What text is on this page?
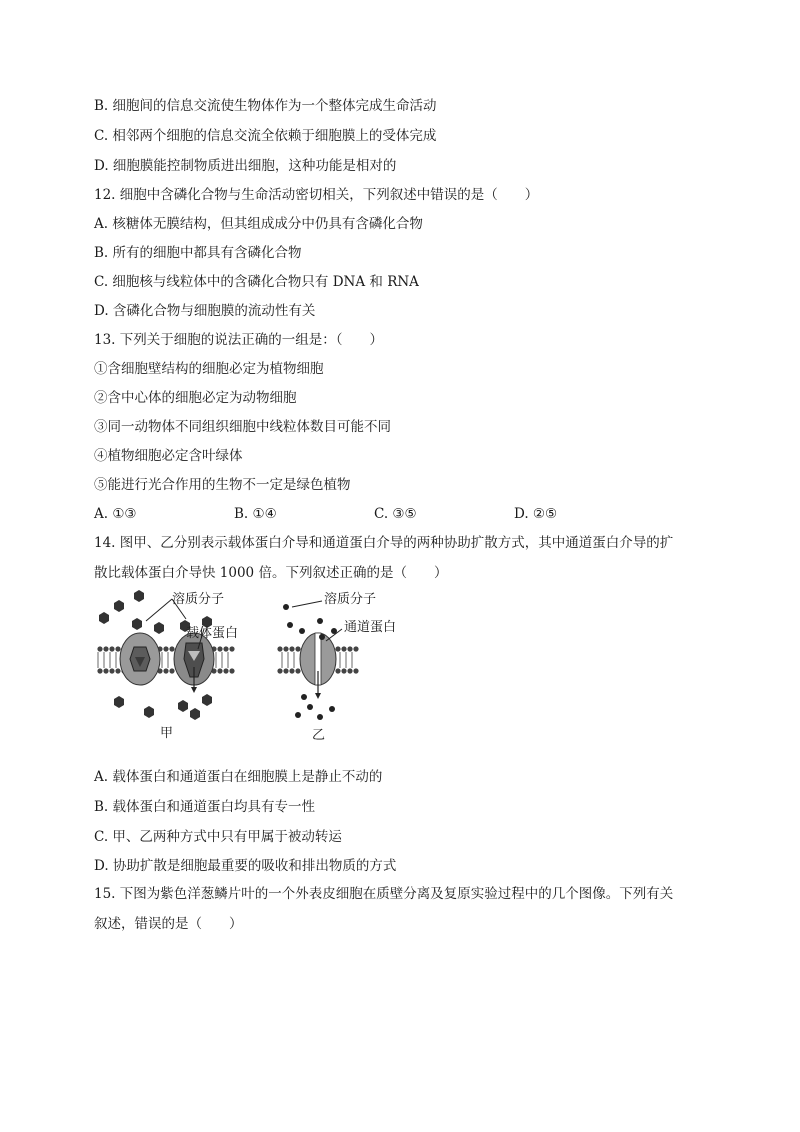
B. 细胞间的信息交流使生物体作为一个整体完成生命活动
C. 相邻两个细胞的信息交流全依赖于细胞膜上的受体完成
D. 细胞膜能控制物质进出细胞，这种功能是相对的
12. 细胞中含磷化合物与生命活动密切相关，下列叙述中错误的是（　　）
A. 核糖体无膜结构，但其组成成分中仍具有含磷化合物
B. 所有的细胞中都具有含磷化合物
C. 细胞核与线粒体中的含磷化合物只有 DNA 和 RNA
D. 含磷化合物与细胞膜的流动性有关
13. 下列关于细胞的说法正确的一组是：（　　）
①含细胞壁结构的细胞必定为植物细胞
②含中心体的细胞必定为动物细胞
③同一动物体不同组织细胞中线粒体数目可能不同
④植物细胞必定含叶绿体
⑤能进行光合作用的生物不一定是绿色植物
A. ①③	B. ①④	C. ③⑤	D. ②⑤
14. 图甲、乙分别表示载体蛋白介导和通道蛋白介导的两种协助扩散方式，其中通道蛋白介导的扩
散比载体蛋白介导快 1000 倍。下列叙述正确的是（　　）
溶质分子
载体蛋白
甲
溶质分子
通道蛋白
乙
A. 载体蛋白和通道蛋白在细胞膜上是静止不动的
B. 载体蛋白和通道蛋白均具有专一性
C. 甲、乙两种方式中只有甲属于被动转运
D. 协助扩散是细胞最重要的吸收和排出物质的方式
15. 下图为紫色洋葱鳞片叶的一个外表皮细胞在质壁分离及复原实验过程中的几个图像。下列有关
叙述，错误的是（　　）
